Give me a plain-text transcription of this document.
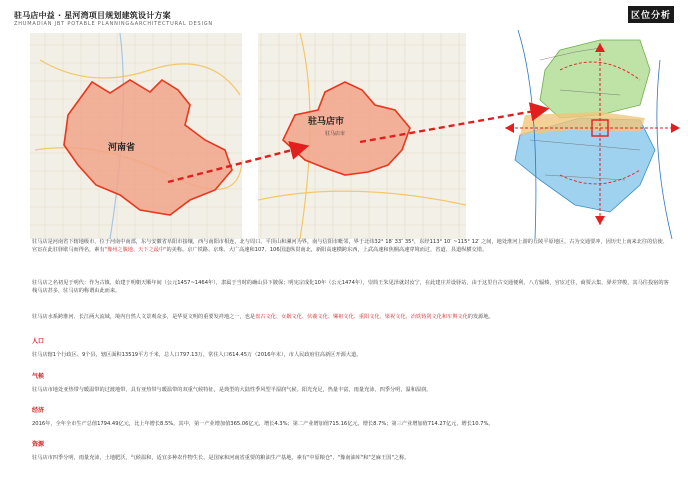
驻马店中益 · 星河湾项目规划建筑设计方案
ZHUMADIAN JBT POTABLE PLANNING&ARCHITECTURAL DESIGN
区位分析
河南省
驻马店市
驻马店市
驻马店是河南省下辖地级市，位于河南中南部，东与安徽省阜阳市接壤，西与南阳市相连，北与周口、平顶山和漯河为界，南与信阳市毗邻，界于北纬32° 18′ 33″ 35°，东经113° 10′ ~115° 12′ 之间，地处淮河上游的丘陵平原地区，古为交通要冲，因历史上南来北往的信使、官宦在此驻驿歇马而得名，素有"豫州之腹地、天下之最中"的美称。京广铁路、京珠、大广高速和107、106国道纵贯南北，新阳高速横跨东西，上武高速和焦桐高速穿境而过，省道、县道纵横交错。
驻马店之名初见于明代：作为古镇，始建于明朝天顺年间（公元1457~1464年），隶属于当时的确山县下陂保；明宪宗成化10年（公元1474年），崇简王朱见泽就封汝宁，在此建庄并设驿站，由于这里自古交通便利，八方辐辏，官宦过往，商贾云集，驿差穿梭，其马往投宿的客栈马店甚多，驻马店的称谓由此而来。
驻马店水系跨淮河、长江两大流域，境内自然人文景观众多，是华夏文明的重要发祥地之一，也是盘古文化、女娲文化、伏羲文化、嫘祖文化、重阳文化、梁祝文化、冶铁铸剑文化和车舆文化的发源地。
人口
驻马店辖1个行政区、9个县，辖区面积13519平方千米，总人口797.13万，常住人口614.45万（2016年末），市人民政府驻高新区开源大道。
气候
驻马店市地处亚热带与暖温带的过渡地带，具有亚热带与暖温带的双重气候特征，是典型的大陆性季风型半湿润气候。阳光充足，热量丰富，雨量充沛，四季分明，温和湿润。
经济
2016年，全年全市生产总值1794.49亿元，比上年增长8.5%。其中，第一产业增加值365.06亿元，增长4.3%；第二产业增加值715.16亿元，增长8.7%；第三产业增加值714.27亿元，增长10.7%。
资源
驻马店市四季分明，雨量充沛，土地肥沃，气候温和，适宜多种农作物生长，是国家和河南省重要的粮油生产基地，素有"中原粮仓"、"豫南油库"和"芝麻王国"之称。
